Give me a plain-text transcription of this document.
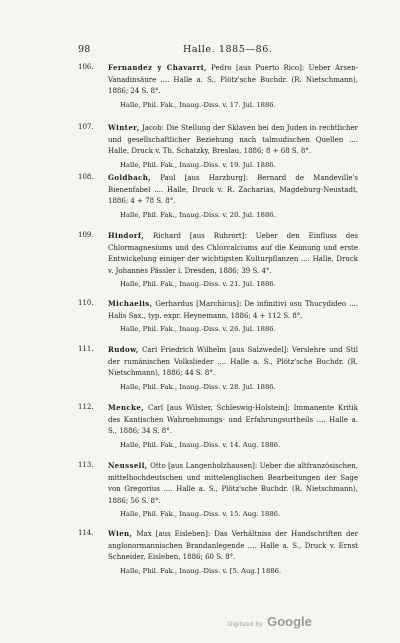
98	Halle. 1885—86.
106.	Fernandez y Chavarri, Pedro [aus Puerto Rico]: Ueber Arsen-Vanadinsäure .... Halle a. S., Plötz'sche Buchdr. (R. Nietschmann), 1886; 24 S. 8°.
Halle, Phil. Fak., Inaug.-Diss. v. 17. Jul. 1886.
107.	Winter, Jacob: Die Stellung der Sklaven bei den Juden in rechtlicher und gesellschaftlicher Beziehung nach talmudischen Quellen .... Halle, Druck v. Th. Schatzky, Breslau, 1886; 8 + 68 S. 8°.
Halle, Phil. Fak., Inaug.-Diss. v. 19. Jul. 1886.
108.	Goldbach, Paul [aus Harzburg]: Bernard de Mandeville's Bienenfabel .... Halle, Druck v. R. Zacharias, Magdeburg-Neustadt, 1886; 4 + 78 S. 8°.
Halle, Phil. Fak., Inaug.-Diss. v. 20. Jul. 1886.
109.	Hindorf, Richard [aus Ruhrort]: Ueber den Einfluss des Chlormagnesiums und des Chlorcalciums auf die Keimung und erste Entwickelung einiger der wichtigsten Kulturpflanzen .... Halle, Druck v. Johannes Pässler i. Dresden, 1886; 39 S. 4°.
Halle, Phil. Fak., Inaug.-Diss. v. 21. Jul. 1886.
110.	Michaelis, Gerhardus [Marchicus]: De infinitivi usu Thucydideo .... Halis Sax., typ. expr. Heynemann, 1886; 4 + 112 S. 8°.
Halle, Phil. Fak., Inaug.-Diss. v. 26. Jul. 1886.
111.	Rudow, Carl Friedrich Wilhelm [aus Salzwedel]: Verslehre und Stil der rumänischen Volkslieder .... Halle a. S., Plötz'sche Buchdr. (R. Nietschmann), 1886; 44 S. 8°.
Halle, Phil. Fak., Inaug.-Diss. v. 28. Jul. 1886.
112.	Mencke, Carl [aus Wilster, Schleswig-Holstein]: Immanente Kritik des Kantischen Wahrnehmungs- und Erfahrungsurtheils .... Halle a. S., 1886; 34 S. 8°.
Halle, Phil. Fak., Inaug.-Diss. v. 14. Aug. 1886.
113.	Neussell, Otto [aus Langenholzhausen]: Ueber die altfranzösischen, mittelhochdeutschen und mittelenglischen Bearbeitungen der Sage von Gregorius .... Halle a. S., Plötz'sche Buchdr. (R. Nietschmann), 1886; 56 S. 8°.
Halle, Phil. Fak., Inaug.-Diss. v. 15. Aug. 1886.
114.	Wien, Max [aus Eisleben]: Das Verhältniss der Handschriften der anglonormannischen Brandanlegende .... Halle a. S., Druck v. Ernst Schneider, Eisleben, 1886; 60 S. 8°.
Halle, Phil. Fak., Inaug.-Diss. v. [5. Aug.] 1886.
Digitized by Google
